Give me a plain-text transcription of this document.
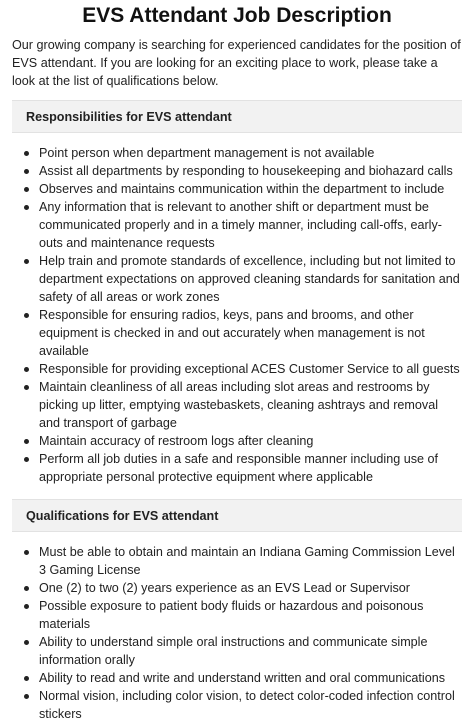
EVS Attendant Job Description

Our growing company is searching for experienced candidates for the position of EVS attendant. If you are looking for an exciting place to work, please take a look at the list of qualifications below.

Responsibilities for EVS attendant
Point person when department management is not available
Assist all departments by responding to housekeeping and biohazard calls
Observes and maintains communication within the department to include
Any information that is relevant to another shift or department must be communicated properly and in a timely manner, including call-offs, early-outs and maintenance requests
Help train and promote standards of excellence, including but not limited to department expectations on approved cleaning standards for sanitation and safety of all areas or work zones
Responsible for ensuring radios, keys, pans and brooms, and other equipment is checked in and out accurately when management is not available
Responsible for providing exceptional ACES Customer Service to all guests
Maintain cleanliness of all areas including slot areas and restrooms by picking up litter, emptying wastebaskets, cleaning ashtrays and removal and transport of garbage
Maintain accuracy of restroom logs after cleaning
Perform all job duties in a safe and responsible manner including use of appropriate personal protective equipment where applicable
Qualifications for EVS attendant
Must be able to obtain and maintain an Indiana Gaming Commission Level 3 Gaming License
One (2) to two (2) years experience as an EVS Lead or Supervisor
Possible exposure to patient body fluids or hazardous and poisonous materials
Ability to understand simple oral instructions and communicate simple information orally
Ability to read and write and understand written and oral communications
Normal vision, including color vision, to detect color-coded infection control stickers
